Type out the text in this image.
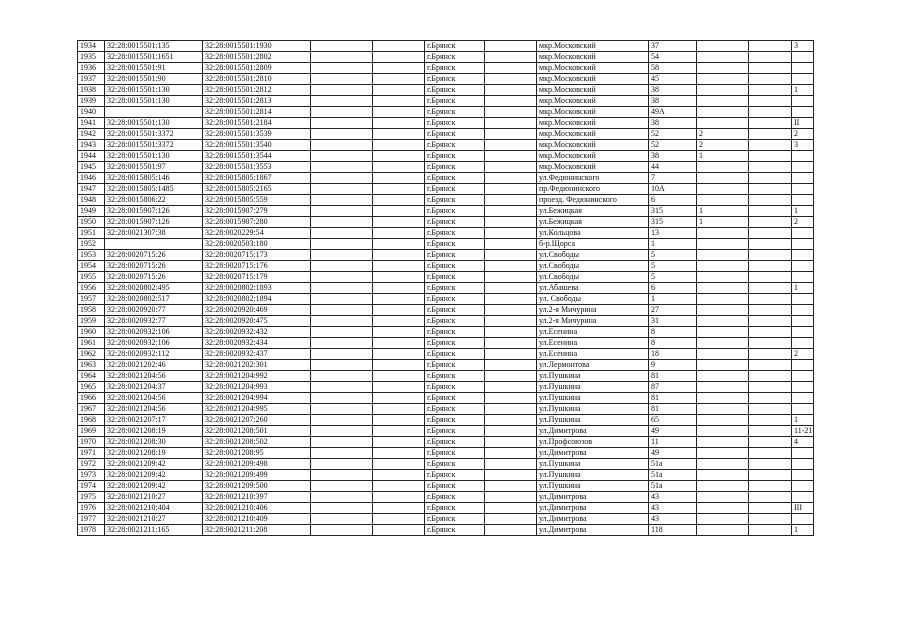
1934	32:28:0015501:135	32:28:0015501:1930			г.Брянск		мкр.Московский	37			3
1935	32:28:0015501:1651	32:28:0015501:2802			г.Брянск		мкр.Московский	54			
1936	32:28:0015501:91	32:28:0015501:2809			г.Брянск		мкр.Московский	58			
1937	32:28:0015501:90	32:28:0015501:2810			г.Брянск		мкр.Московский	45			
1938	32:28:0015501:130	32:28:0015501:2812			г.Брянск		мкр.Московский	38			1
1939	32:28:0015501:130	32:28:0015501:2813			г.Брянск		мкр.Московский	38			
1940		32:28:0015501:2814			г.Брянск		мкр.Московский	49А			
1941	32:28:0015501:130	32:28:0015501:2184			г.Брянск		мкр.Московский	38			II
1942	32:28:0015501:3372	32:28:0015501:3539			г.Брянск		мкр.Московский	52	2		2
1943	32:28:0015501:3372	32:28:0015501:3540			г.Брянск		мкр.Московский	52	2		3
1944	32:28:0015501:130	32:28:0015501:3544			г.Брянск		мкр.Московский	38	1		
1945	32:28:0015501:97	32:28:0015501:3553			г.Брянск		мкр.Московский	44			
1946	32:28:0015805:146	32:28:0015805:1867			г.Брянск		ул.Федюнинского	7			
1947	32:28:0015805:1485	32:28:0015805:2165			г.Брянск		пр.Федюнинского	10А			
1948	32:28:0015806:22	32:28:0015805:559			г.Брянск		проезд. Федюнинского	6			
1949	32:28:0015907:126	32:28:0015907:279			г.Брянск		ул.Бежицкая	315	1		1
1950	32:28:0015907:126	32:28:0015907:280			г.Брянск		ул.Бежицкая	315	1		2
1951	32:28:0021307:38	32:28:0020229:54			г.Брянск		ул.Кольцова	13			
1952		32:28:0020503:180			г.Брянск		б-р.Щорса	1			
1953	32:28:0020715:26	32:28:0020715:173			г.Брянск		ул.Свободы	5			
1954	32:28:0020715:26	32:28:0020715:176			г.Брянск		ул.Свободы	5			
1955	32:28:0020715:26	32:28:0020715:179			г.Брянск		ул.Свободы	5			
1956	32:28:0020802:495	32:28:0020802:1893			г.Брянск		ул.Абашева	6			1
1957	32:28:0020802:517	32:28:0020802:1894			г.Брянск		ул. Свободы	1			
1958	32:28:0020920:77	32:28:0020920:469			г.Брянск		ул.2-я Мичурина	27			
1959	32:28:0020932:77	32:28:0020920:475			г.Брянск		ул.2-я Мичурина	31			
1960	32:28:0020932:106	32:28:0020932:432			г.Брянск		ул.Есенина	8			
1961	32:28:0020932:106	32:28:0020932:434			г.Брянск		ул.Есенина	8			
1962	32:28:0020932:112	32:28:0020932:437			г.Брянск		ул.Есенина	18			2
1963	32:28:0021202:46	32:28:0021202:301			г.Брянск		ул.Лермонтова	9			
1964	32:28:0021204:56	32:28:0021204:992			г.Брянск		ул.Пушкина	81			
1965	32:28:0021204:37	32:28:0021204:993			г.Брянск		ул.Пушкина	87			
1966	32:28:0021204:56	32:28:0021204:994			г.Брянск		ул.Пушкина	81			
1967	32:28:0021204:56	32:28:0021204:995			г.Брянск		ул.Пушкина	81			
1968	32:28:0021207:17	32:28:0021207:260			г.Брянск		ул.Пушкина	65			1
1969	32:28:0021208:19	32:28:0021208:501			г.Брянск		ул.Димитрова	49			11-21
1970	32:28:0021208:30	32:28:0021208:502			г.Брянск		ул.Профсоюзов	11			4
1971	32:28:0021208:19	32:28:0021208:95			г.Брянск		ул.Димитрова	49			
1972	32:28:0021209:42	32:28:0021209:498			г.Брянск		ул.Пушкина	51а			
1973	32:28:0021209:42	32:28:0021209:499			г.Брянск		ул.Пушкина	51а			
1974	32:28:0021209:42	32:28:0021209:500			г.Брянск		ул.Пушкина	51а			
1975	32:28:0021210:27	32:28:0021210:397			г.Брянск		ул.Димитрова	43			
1976	32:28:0021210:404	32:28:0021210:406			г.Брянск		ул.Димитрова	43			III
1977	32:28:0021210:27	32:28:0021210:409			г.Брянск		ул.Димитрова	43			
1978	32:28:0021211:165	32:28:0021211:208			г.Брянск		ул.Димитрова	118			1
